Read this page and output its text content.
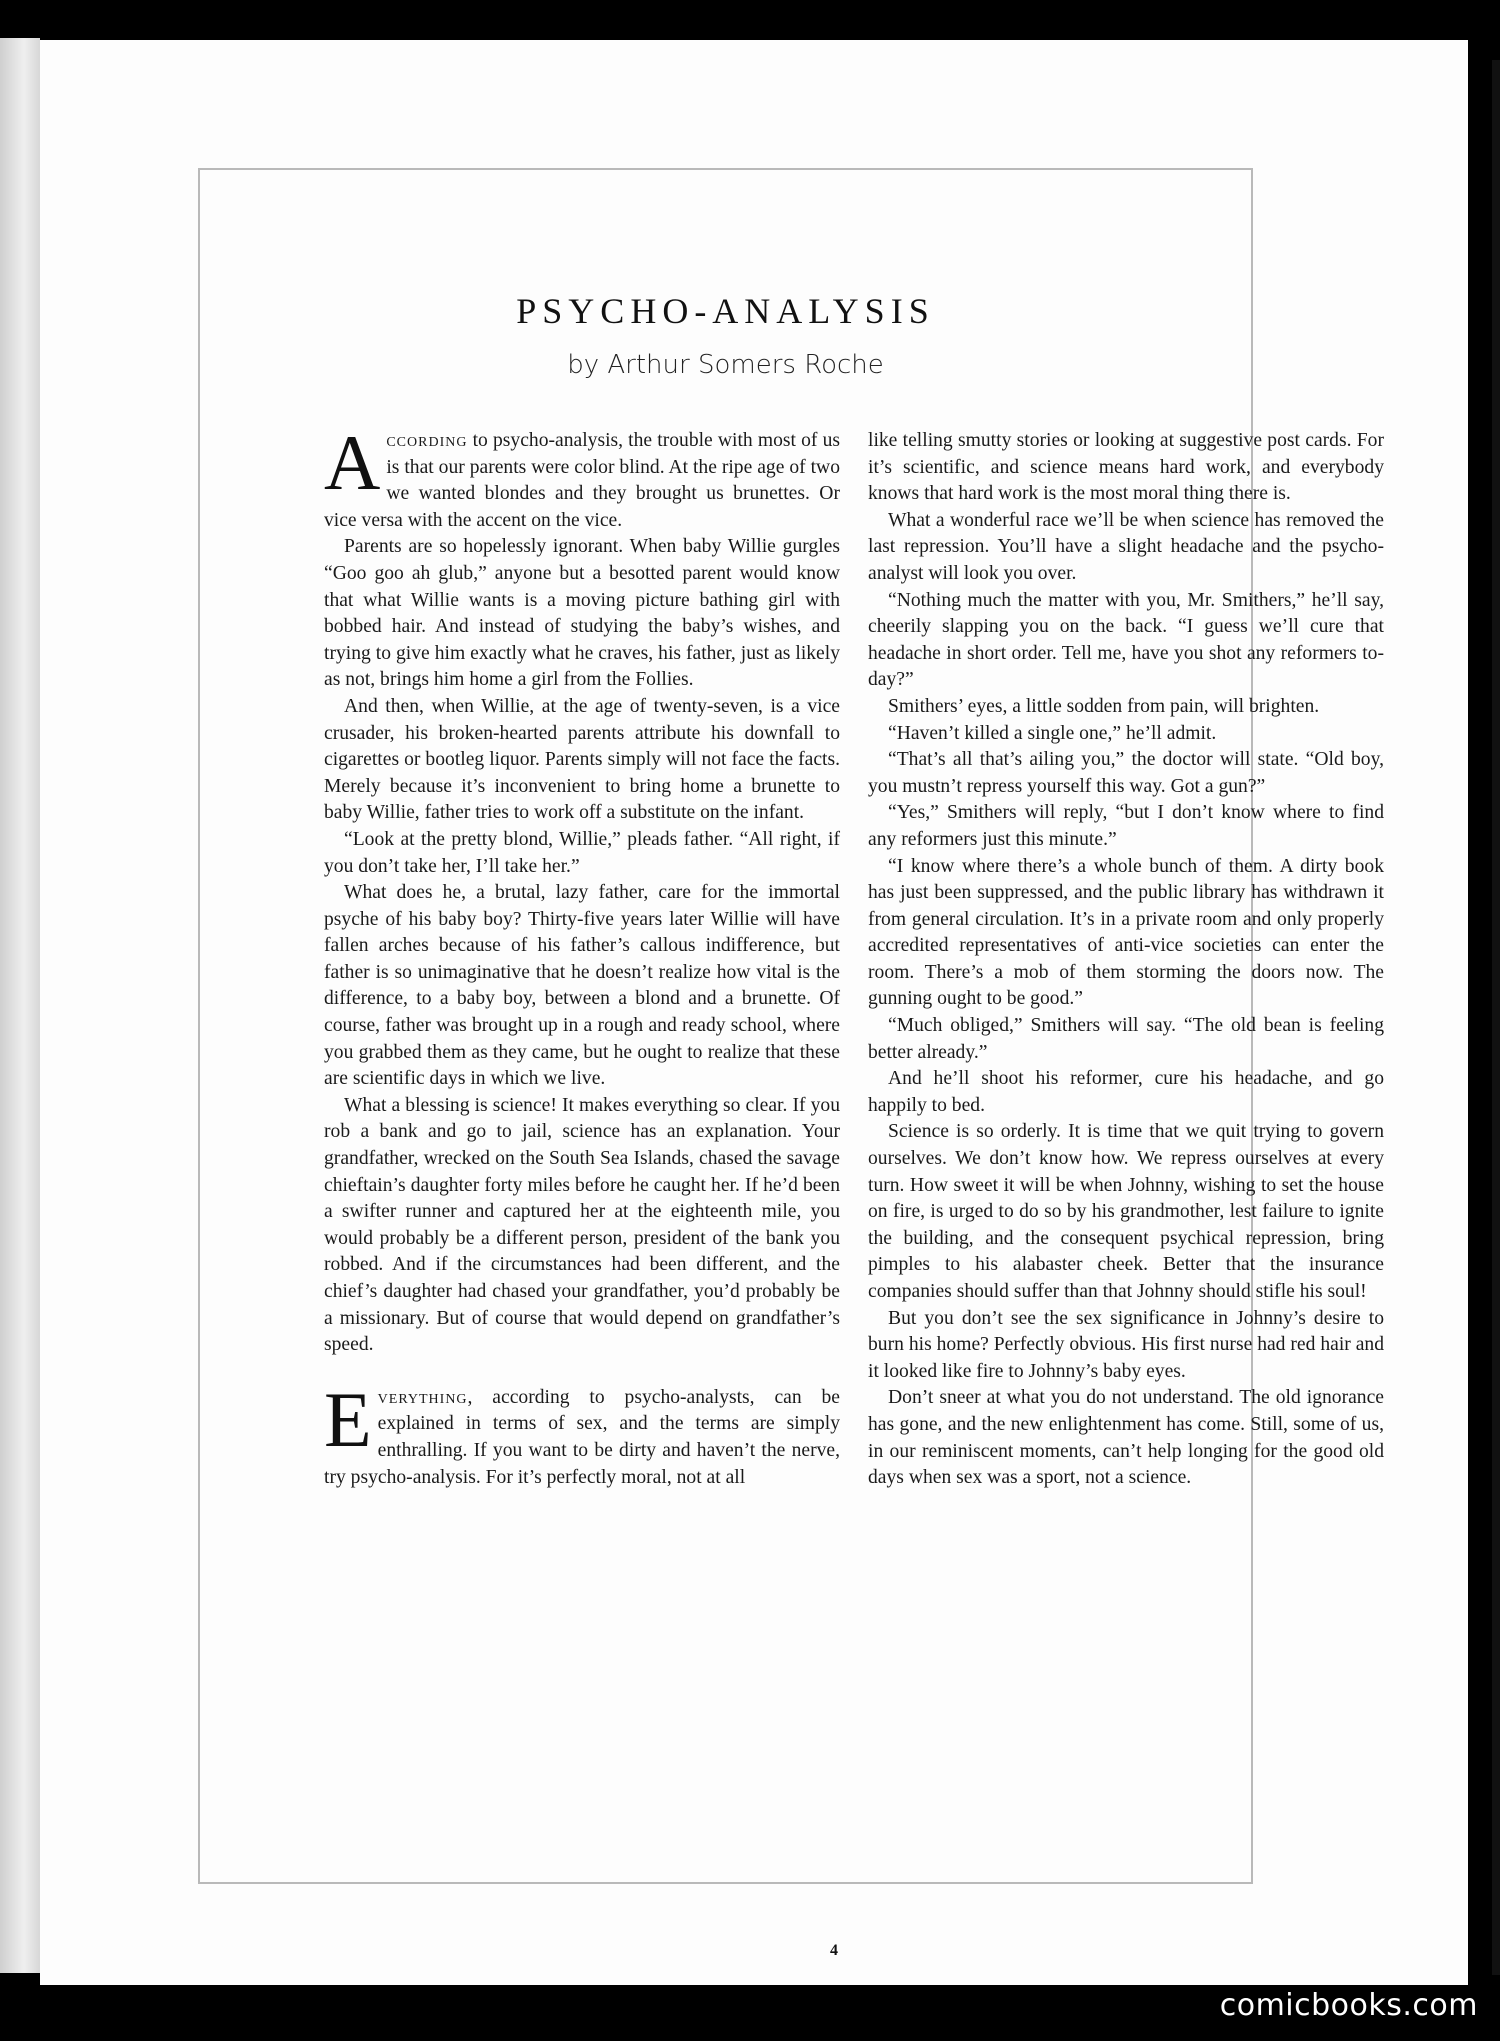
PSYCHO-ANALYSIS
by Arthur Somers Roche

According to psycho-analysis, the trouble with most of us is that our parents were color blind. At the ripe age of two we wanted blondes and they brought us brunettes. Or vice versa with the accent on the vice.

Parents are so hopelessly ignorant. When baby Willie gurgles “Goo goo ah glub,” anyone but a besotted parent would know that what Willie wants is a moving picture bathing girl with bobbed hair. And instead of studying the baby’s wishes, and trying to give him exactly what he craves, his father, just as likely as not, brings him home a girl from the Follies.

And then, when Willie, at the age of twenty-seven, is a vice crusader, his broken-hearted parents attribute his downfall to cigarettes or bootleg liquor. Parents simply will not face the facts. Merely because it’s inconvenient to bring home a brunette to baby Willie, father tries to work off a substitute on the infant.

“Look at the pretty blond, Willie,” pleads father. “All right, if you don’t take her, I’ll take her.”

What does he, a brutal, lazy father, care for the immortal psyche of his baby boy? Thirty-five years later Willie will have fallen arches because of his father’s callous indifference, but father is so unimaginative that he doesn’t realize how vital is the difference, to a baby boy, between a blond and a brunette. Of course, father was brought up in a rough and ready school, where you grabbed them as they came, but he ought to realize that these are scientific days in which we live.

What a blessing is science! It makes everything so clear. If you rob a bank and go to jail, science has an explanation. Your grandfather, wrecked on the South Sea Islands, chased the savage chieftain’s daughter forty miles before he caught her. If he’d been a swifter runner and captured her at the eighteenth mile, you would probably be a different person, president of the bank you robbed. And if the circumstances had been different, and the chief’s daughter had chased your grandfather, you’d probably be a missionary. But of course that would depend on grandfather’s speed.

Everything, according to psycho-analysts, can be explained in terms of sex, and the terms are simply enthralling. If you want to be dirty and haven’t the nerve, try psycho-analysis. For it’s perfectly moral, not at all

like telling smutty stories or looking at suggestive post cards. For it’s scientific, and science means hard work, and everybody knows that hard work is the most moral thing there is.

What a wonderful race we’ll be when science has removed the last repression. You’ll have a slight headache and the psycho-analyst will look you over.

“Nothing much the matter with you, Mr. Smithers,” he’ll say, cheerily slapping you on the back. “I guess we’ll cure that headache in short order. Tell me, have you shot any reformers to-day?”

Smithers’ eyes, a little sodden from pain, will brighten.

“Haven’t killed a single one,” he’ll admit.

“That’s all that’s ailing you,” the doctor will state. “Old boy, you mustn’t repress yourself this way. Got a gun?”

“Yes,” Smithers will reply, “but I don’t know where to find any reformers just this minute.”

“I know where there’s a whole bunch of them. A dirty book has just been suppressed, and the public library has withdrawn it from general circulation. It’s in a private room and only properly accredited representatives of anti-vice societies can enter the room. There’s a mob of them storming the doors now. The gunning ought to be good.”

“Much obliged,” Smithers will say. “The old bean is feeling better already.”

And he’ll shoot his reformer, cure his headache, and go happily to bed.

Science is so orderly. It is time that we quit trying to govern ourselves. We don’t know how. We repress ourselves at every turn. How sweet it will be when Johnny, wishing to set the house on fire, is urged to do so by his grandmother, lest failure to ignite the building, and the consequent psychical repression, bring pimples to his alabaster cheek. Better that the insurance companies should suffer than that Johnny should stifle his soul!

But you don’t see the sex significance in Johnny’s desire to burn his home? Perfectly obvious. His first nurse had red hair and it looked like fire to Johnny’s baby eyes.

Don’t sneer at what you do not understand. The old ignorance has gone, and the new enlightenment has come. Still, some of us, in our reminiscent moments, can’t help longing for the good old days when sex was a sport, not a science.

4
comicbooks.com
